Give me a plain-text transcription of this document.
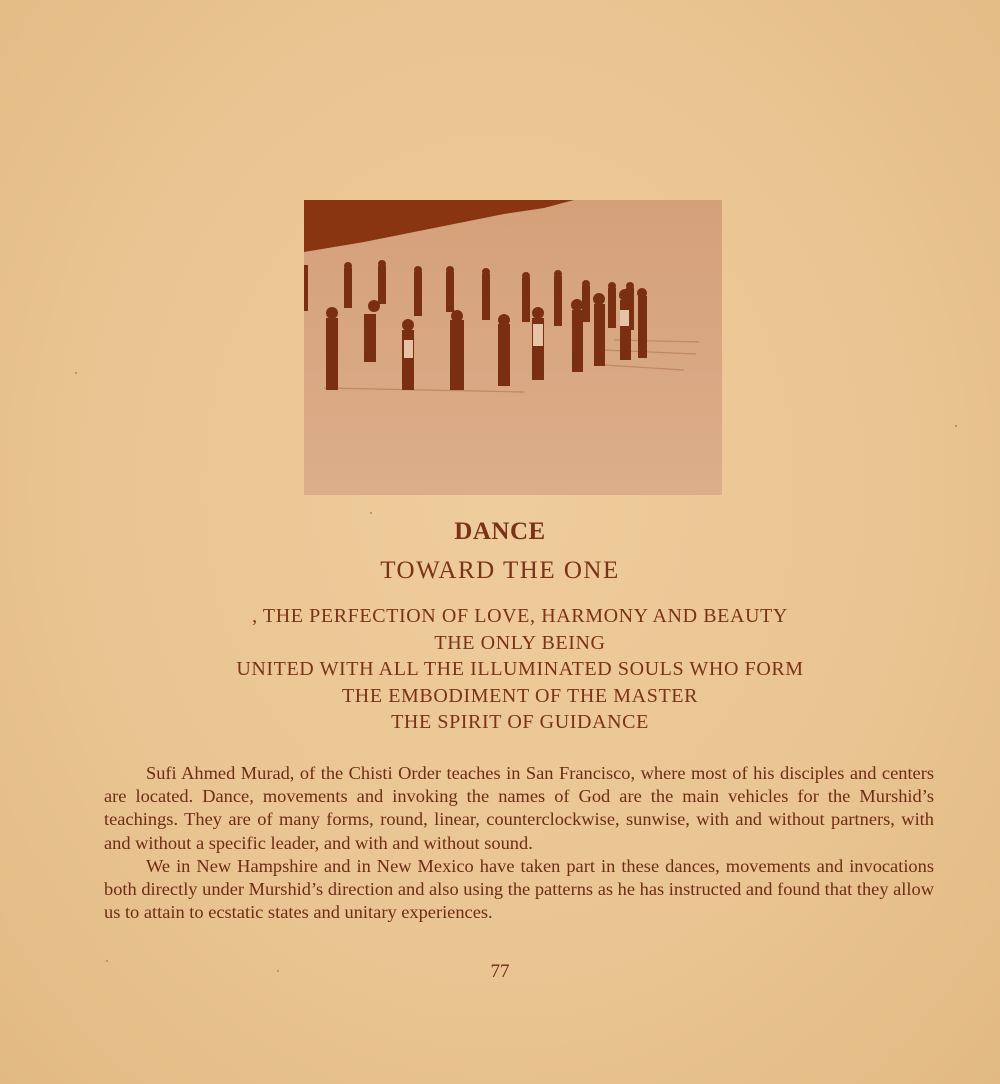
DANCE
TOWARD THE ONE
, THE PERFECTION OF LOVE, HARMONY AND BEAUTY
THE ONLY BEING
UNITED WITH ALL THE ILLUMINATED SOULS WHO FORM
THE EMBODIMENT OF THE MASTER
THE SPIRIT OF GUIDANCE

Sufi Ahmed Murad, of the Chisti Order teaches in San Francisco, where most of his disciples and centers are located. Dance, movements and invoking the names of God are the main vehicles for the Murshid’s teachings. They are of many forms, round, linear, counterclockwise, sunwise, with and without partners, with and without a specific leader, and with and without sound.

We in New Hampshire and in New Mexico have taken part in these dances, movements and invocations both directly under Murshid’s direction and also using the patterns as he has instructed and found that they allow us to attain to ecstatic states and unitary experiences.

77
